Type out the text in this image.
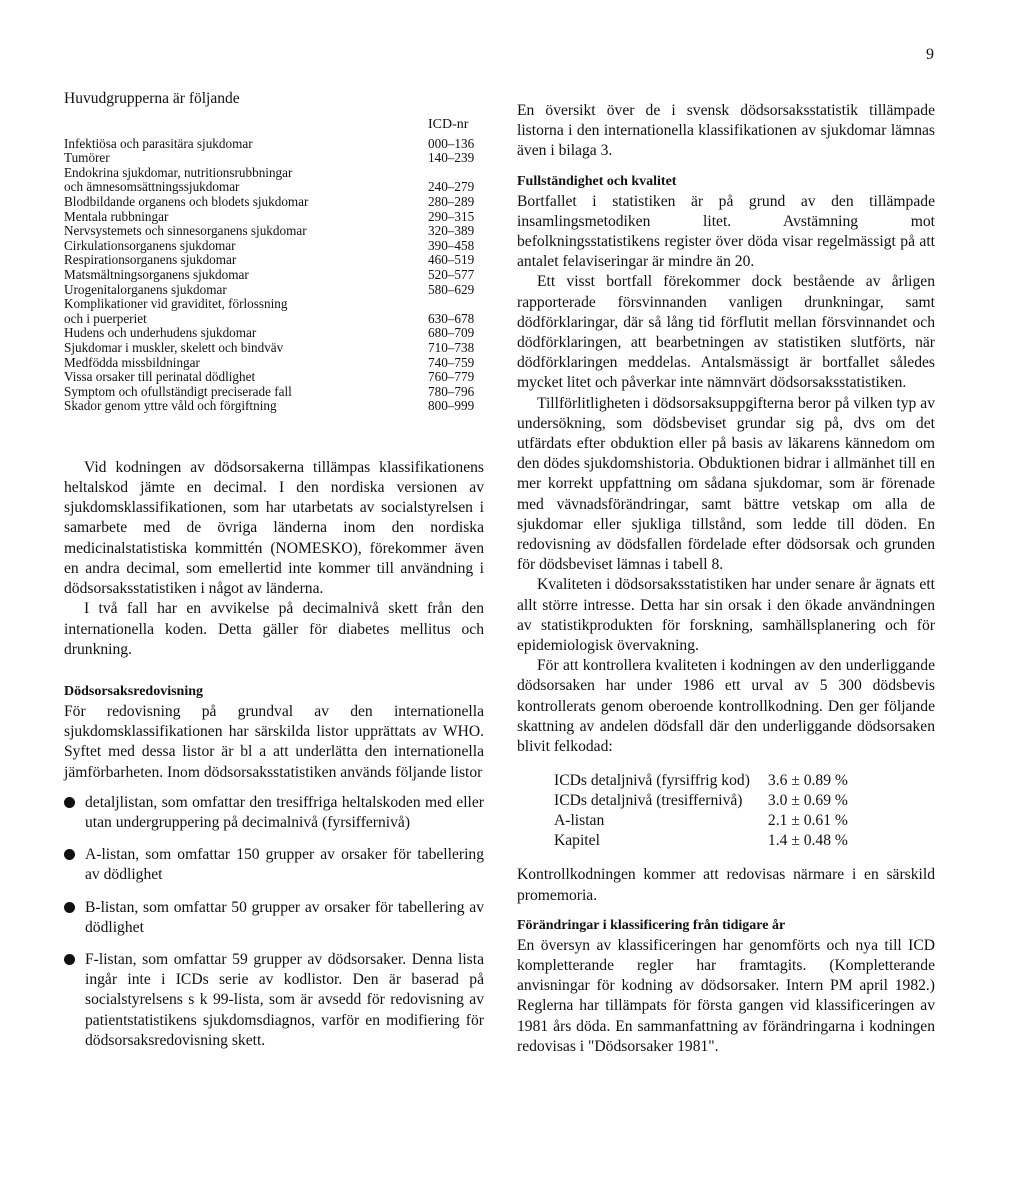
9
Huvudgrupperna är följande
	ICD-nr
Infektiösa och parasitära sjukdomar	000–136
Tumörer	140–239
Endokrina sjukdomar, nutritionsrubbningar	
och ämnesomsättningssjukdomar	240–279
Blodbildande organens och blodets sjukdomar	280–289
Mentala rubbningar	290–315
Nervsystemets och sinnesorganens sjukdomar	320–389
Cirkulationsorganens sjukdomar	390–458
Respirationsorganens sjukdomar	460–519
Matsmältningsorganens sjukdomar	520–577
Urogenitalorganens sjukdomar	580–629
Komplikationer vid graviditet, förlossning	
och i puerperiet	630–678
Hudens och underhudens sjukdomar	680–709
Sjukdomar i muskler, skelett och bindväv	710–738
Medfödda missbildningar	740–759
Vissa orsaker till perinatal dödlighet	760–779
Symptom och ofullständigt preciserade fall	780–796
Skador genom yttre våld och förgiftning	800–999

Vid kodningen av dödsorsakerna tillämpas klassifikationens heltalskod jämte en decimal. I den nordiska versionen av sjukdomsklassifikationen, som har utarbetats av socialstyrelsen i samarbete med de övriga länderna inom den nordiska medicinalstatistiska kommittén (NOMESKO), förekommer även en andra decimal, som emellertid inte kommer till användning i dödsorsaksstatistiken i något av länderna.

I två fall har en avvikelse på decimalnivå skett från den internationella koden. Detta gäller för diabetes mellitus och drunkning.

Dödsorsaksredovisning

För redovisning på grundval av den internationella sjukdomsklassifikationen har särskilda listor upprättats av WHO. Syftet med dessa listor är bl a att underlätta den internationella jämförbarheten. Inom dödsorsaksstatistiken används följande listor

detaljlistan, som omfattar den tresiffriga heltalskoden med eller utan undergruppering på decimalnivå (fyrsiffernivå)
A-listan, som omfattar 150 grupper av orsaker för tabellering av dödlighet
B-listan, som omfattar 50 grupper av orsaker för tabellering av dödlighet
F-listan, som omfattar 59 grupper av dödsorsaker. Denna lista ingår inte i ICDs serie av kodlistor. Den är baserad på socialstyrelsens s k 99-lista, som är avsedd för redovisning av patientstatistikens sjukdomsdiagnos, varför en modifiering för dödsorsaksredovisning skett.

En översikt över de i svensk dödsorsaksstatistik tillämpade listorna i den internationella klassifikationen av sjukdomar lämnas även i bilaga 3.

Fullständighet och kvalitet

Bortfallet i statistiken är på grund av den tillämpade insamlingsmetodiken litet. Avstämning mot befolkningsstatistikens register över döda visar regelmässigt på att antalet felaviseringar är mindre än 20.

Ett visst bortfall förekommer dock bestående av årligen rapporterade försvinnanden vanligen drunkningar, samt dödförklaringar, där så lång tid förflutit mellan försvinnandet och dödförklaringen, att bearbetningen av statistiken slutförts, när dödförklaringen meddelas. Antalsmässigt är bortfallet således mycket litet och påverkar inte nämnvärt dödsorsaksstatistiken.

Tillförlitligheten i dödsorsaksuppgifterna beror på vilken typ av undersökning, som dödsbeviset grundar sig på, dvs om det utfärdats efter obduktion eller på basis av läkarens kännedom om den dödes sjukdomshistoria. Obduktionen bidrar i allmänhet till en mer korrekt uppfattning om sådana sjukdomar, som är förenade med vävnadsförändringar, samt bättre vetskap om alla de sjukdomar eller sjukliga tillstånd, som ledde till döden. En redovisning av dödsfallen fördelade efter dödsorsak och grunden för dödsbeviset lämnas i tabell 8.

Kvaliteten i dödsorsaksstatistiken har under senare år ägnats ett allt större intresse. Detta har sin orsak i den ökade användningen av statistikprodukten för forskning, samhällsplanering och för epidemiologisk övervakning.

För att kontrollera kvaliteten i kodningen av den underliggande dödsorsaken har under 1986 ett urval av 5 300 dödsbevis kontrollerats genom oberoende kontrollkodning. Den ger följande skattning av andelen dödsfall där den underliggande dödsorsaken blivit felkodad:

ICDs detaljnivå (fyrsiffrig kod)	3.6 ± 0.89 %
ICDs detaljnivå (tresiffernivå)	3.0 ± 0.69 %
A-listan	2.1 ± 0.61 %
Kapitel	1.4 ± 0.48 %

Kontrollkodningen kommer att redovisas närmare i en särskild promemoria.

Förändringar i klassificering från tidigare år

En översyn av klassificeringen har genomförts och nya till ICD kompletterande regler har framtagits. (Kompletterande anvisningar för kodning av dödsorsaker. Intern PM april 1982.) Reglerna har tillämpats för första gangen vid klassificeringen av 1981 års döda. En sammanfattning av förändringarna i kodningen redovisas i "Dödsorsaker 1981".
